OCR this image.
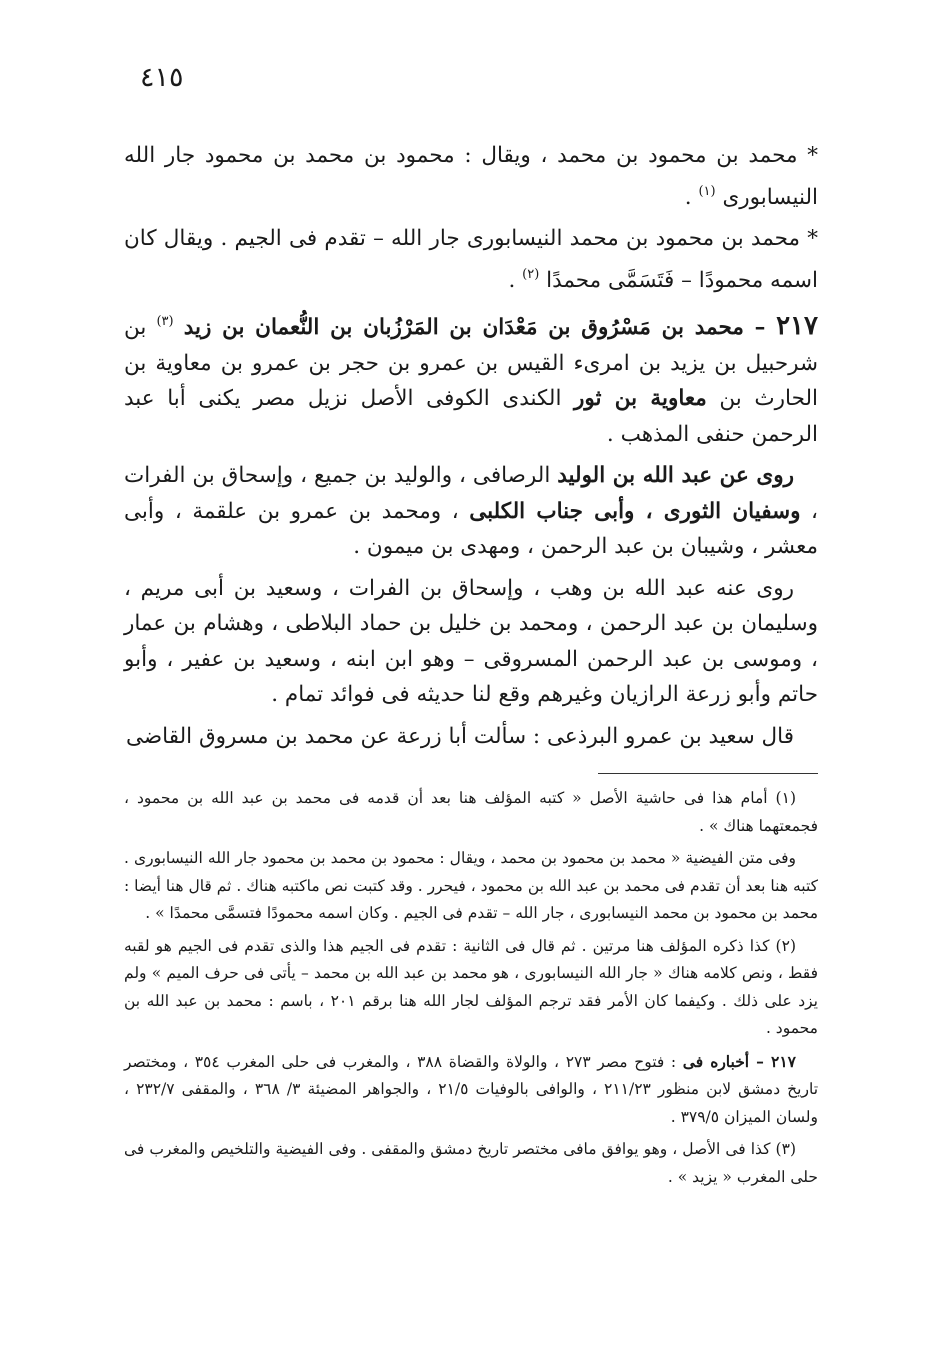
٤١٥

* محمد بن محمود بن محمد ، ويقال : محمود بن محمد بن محمود جار الله النيسابورى $^{(١)}$ .

* محمد بن محمود بن محمد النيسابورى جار الله – تقدم فى الجيم . ويقال كان اسمه محمودًا – فَتَسَمَّى محمدًا $^{(٢)}$ .

٢١٧ – محمد بن مَسْرُوق بن مَعْدَان بن المَرْزُبان بن النُّعمان بن زيد $^{(٣)}$ بن شرحبيل بن يزيد بن امرىء القيس بن عمرو بن حجر بن عمرو بن معاوية بن الحارث بن معاوية بن ثور الكندى الكوفى الأصل نزيل مصر يكنى أبا عبد الرحمن حنفى المذهب .

روى عن عبد الله بن الوليد الرصافى ، والوليد بن جميع ، وإسحاق بن الفرات ، وسفيان الثورى ، وأبى جناب الكلبى ، ومحمد بن عمرو بن علقمة ، وأبى معشر ، وشيبان بن عبد الرحمن ، ومهدى بن ميمون .

روى عنه عبد الله بن وهب ، وإسحاق بن الفرات ، وسعيد بن أبى مريم ، وسليمان بن عبد الرحمن ، ومحمد بن خليل بن حماد البلاطى ، وهشام بن عمار ، وموسى بن عبد الرحمن المسروقى – وهو ابن ابنه ، وسعيد بن عفير ، وأبو حاتم وأبو زرعة الرازيان وغيرهم وقع لنا حديثه فى فوائد تمام .

قال سعيد بن عمرو البرذعى : سألت أبا زرعة عن محمد بن مسروق القاضى

(١) أمام هذا فى حاشية الأصل « كتبه المؤلف هنا بعد أن قدمه فى محمد بن عبد الله بن محمود ، فجمعتهما هناك » .

وفى متن الفيضية « محمد بن محمود بن محمد ، ويقال : محمود بن محمد بن محمود جار الله النيسابورى . كتبه هنا بعد أن تقدم فى محمد بن عبد الله بن محمود ، فيحرر . وقد كتبت نص ماكتبه هناك . ثم قال هنا أيضا : محمد بن محمود بن محمد النيسابورى ، جار الله – تقدم فى الجيم . وكان اسمه محمودًا فتسمَّى محمدًا » .

(٢) كذا ذكره المؤلف هنا مرتين . ثم قال فى الثانية : تقدم فى الجيم هذا والذى تقدم فى الجيم هو لقبه فقط ، ونص كلامه هناك « جار الله النيسابورى ، هو محمد بن عبد الله بن محمد – يأتى فى حرف الميم » ولم يزد على ذلك . وكيفما كان الأمر فقد ترجم المؤلف لجار الله هنا برقم ٢٠١ ، باسم : محمد بن عبد الله بن محمود .

٢١٧ – أخباره فى : فتوح مصر ٢٧٣ ، والولاة والقضاة ٣٨٨ ، والمغرب فى حلى المغرب ٣٥٤ ، ومختصر تاريخ دمشق لابن منظور ٢١١/٢٣ ، والوافى بالوفيات ٢١/٥ ، والجواهر المضيئة ٣/ ٣٦٨ ، والمقفى ٢٣٢/٧ ، ولسان الميزان ٣٧٩/٥ .

(٣) كذا فى الأصل ، وهو يوافق مافى مختصر تاريخ دمشق والمقفى . وفى الفيضية والتلخيص والمغرب فى حلى المغرب « يزيد » .
